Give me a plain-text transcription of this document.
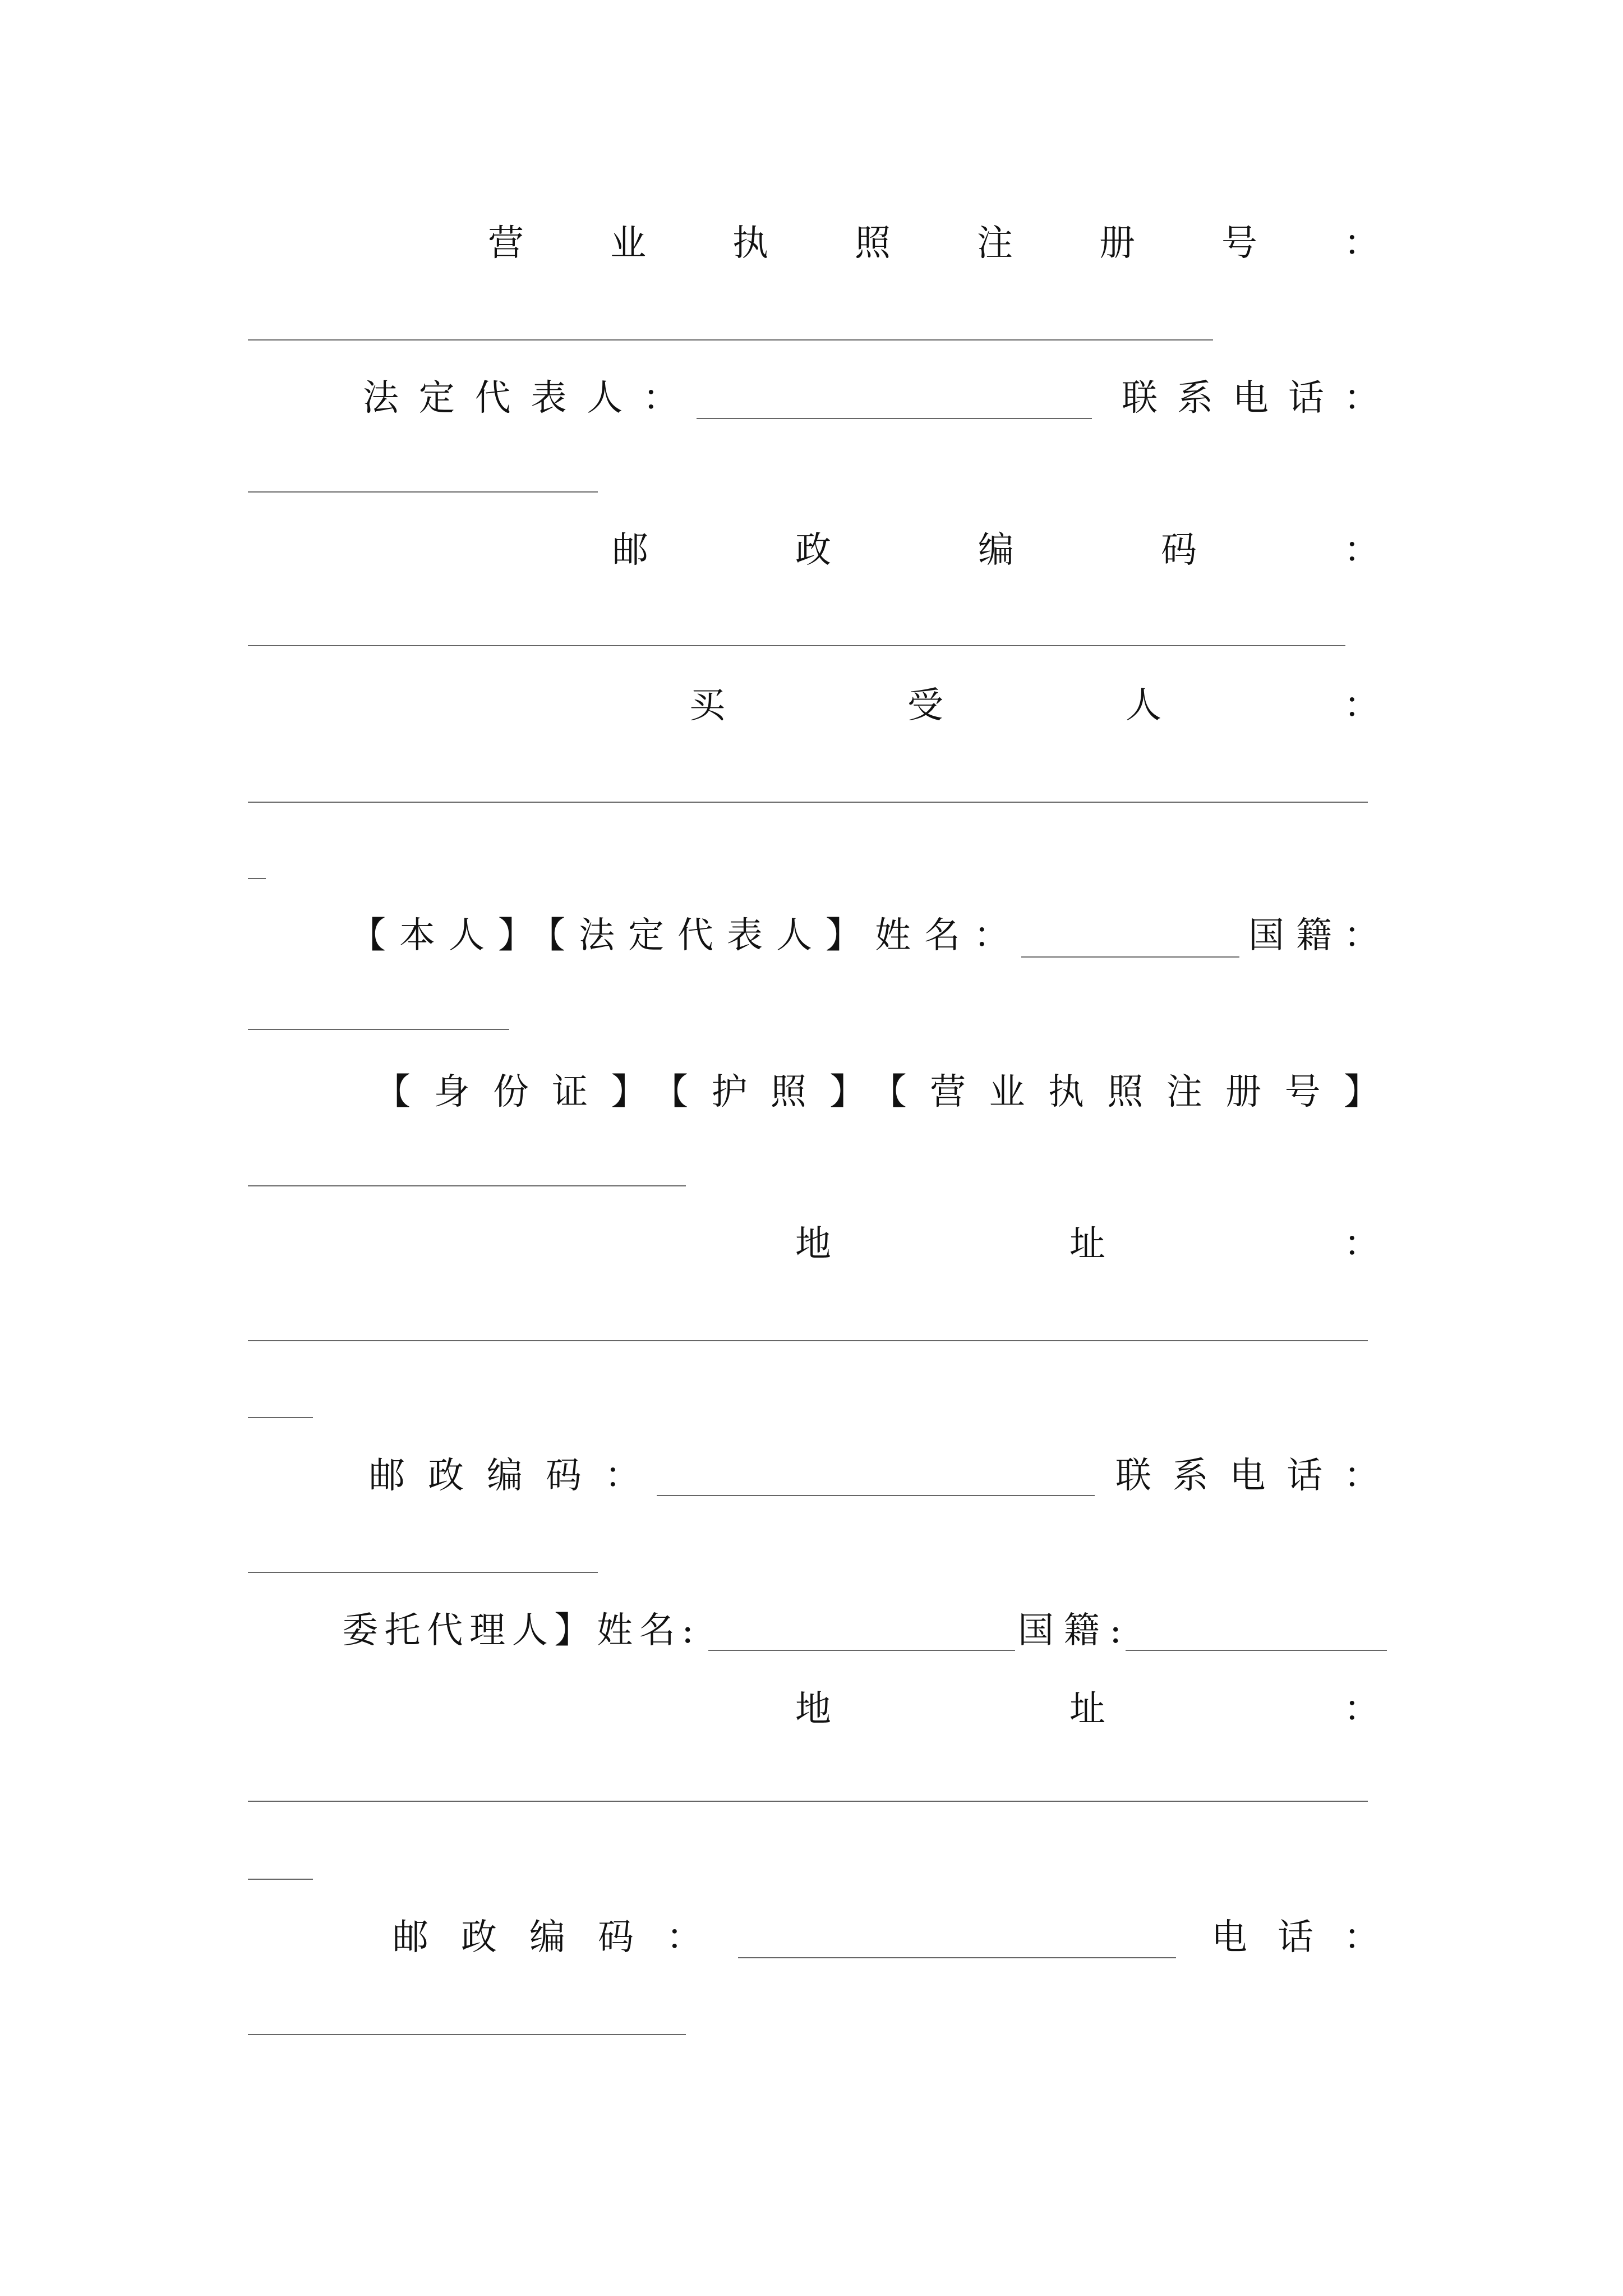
营业执照注册号：
法定代表人：	联系电话：
邮政编码：
买受人：
【本人】【法定代表人】姓名：	国籍：
【身份证】【护照】【营业执照注册号】
地址：
邮政编码：	联系电话：
委托代理人】姓名:	国籍:
地址：
邮政编码：	电话：
